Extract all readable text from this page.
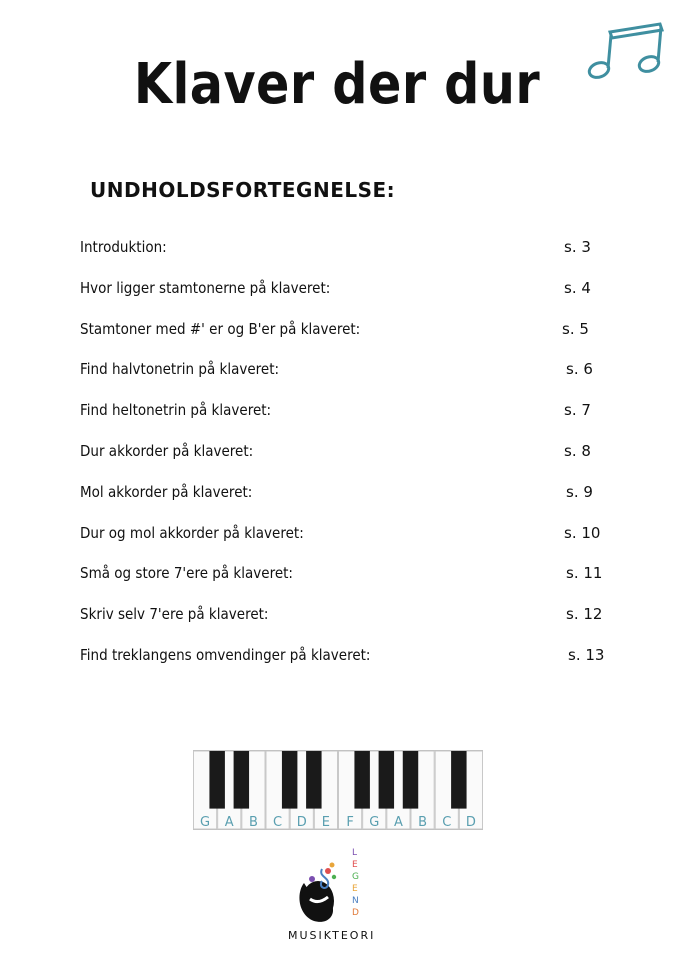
Klaver der dur
UNDHOLDSFORTEGNELSE:
Introduktion:	s. 3
Hvor ligger stamtonerne på klaveret:	s. 4
Stamtoner med #' er og B'er på klaveret:	s. 5
Find halvtonetrin på klaveret:	s. 6
Find heltonetrin på klaveret:	s. 7
Dur akkorder på klaveret:	s. 8
Mol akkorder på klaveret:	s. 9
Dur og mol akkorder på klaveret:	s. 10
Små og store 7'ere på klaveret:	s. 11
Skriv selv 7'ere på klaveret:	s. 12
Find treklangens omvendinger på klaveret:	s. 13
G A B C D E F G A B C D
L
E
G
E
N
D
MUSIKTEORI
